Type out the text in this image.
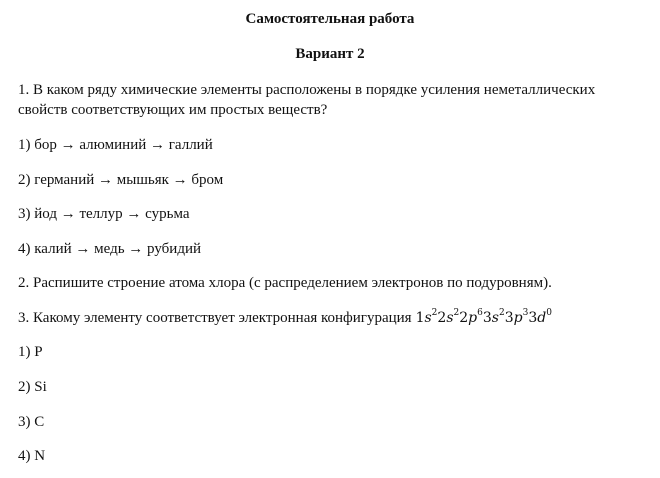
Самостоятельная работа
Вариант 2
1. В каком ряду химические элементы расположены в порядке усиления неметаллических
свойств соответствующих им простых веществ?
1) бор → алюминий → галлий
2) германий → мышьяк → бром
3) йод → теллур → сурьма
4) калий → медь → рубидий
2. Распишите строение атома хлора (с распределением электронов по подуровням).
3. Какому элементу соответствует электронная конфигурация $1s^22s^22p^63s^23p^33d^0$
1) P
2) Si
3) C
4) N
